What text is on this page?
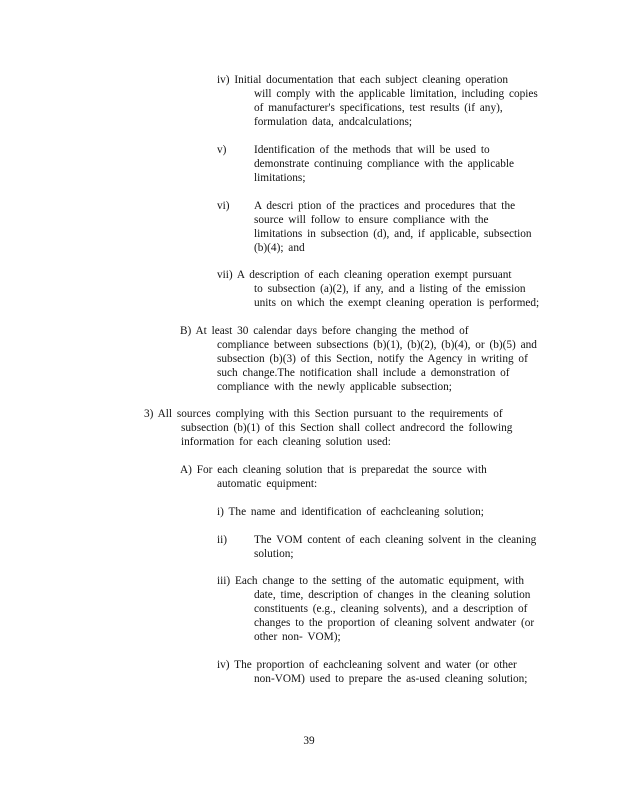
iv) Initial documentation that each subject cleaning operation
will comply with the applicable limitation, including copies
of manufacturer's specifications, test results (if any),
formulation data, andcalculations;
v) Identification of the methods that will be used to
demonstrate continuing compliance with the applicable
limitations;
vi) A descri ption of the practices and procedures that the
source will follow to ensure compliance with the
limitations in subsection (d), and, if applicable, subsection
(b)(4); and
vii) A description of each cleaning operation exempt pursuant
to subsection (a)(2), if any, and a listing of the emission
units on which the exempt cleaning operation is performed;
B) At least 30 calendar days before changing the method of
compliance between subsections (b)(1), (b)(2), (b)(4), or (b)(5) and
subsection (b)(3) of this Section, notify the Agency in writing of
such change.The notification shall include a demonstration of
compliance with the newly applicable subsection;
3) All sources complying with this Section pursuant to the requirements of
subsection (b)(1) of this Section shall collect andrecord the following
information for each cleaning solution used:
A) For each cleaning solution that is preparedat the source with
automatic equipment:
i) The name and identification of eachcleaning solution;
ii) The VOM content of each cleaning solvent in the cleaning
solution;
iii) Each change to the setting of the automatic equipment, with
date, time, description of changes in the cleaning solution
constituents (e.g., cleaning solvents), and a description of
changes to the proportion of cleaning solvent andwater (or
other non- VOM);
iv) The proportion of eachcleaning solvent and water (or other
non-VOM) used to prepare the as-used cleaning solution;
39
